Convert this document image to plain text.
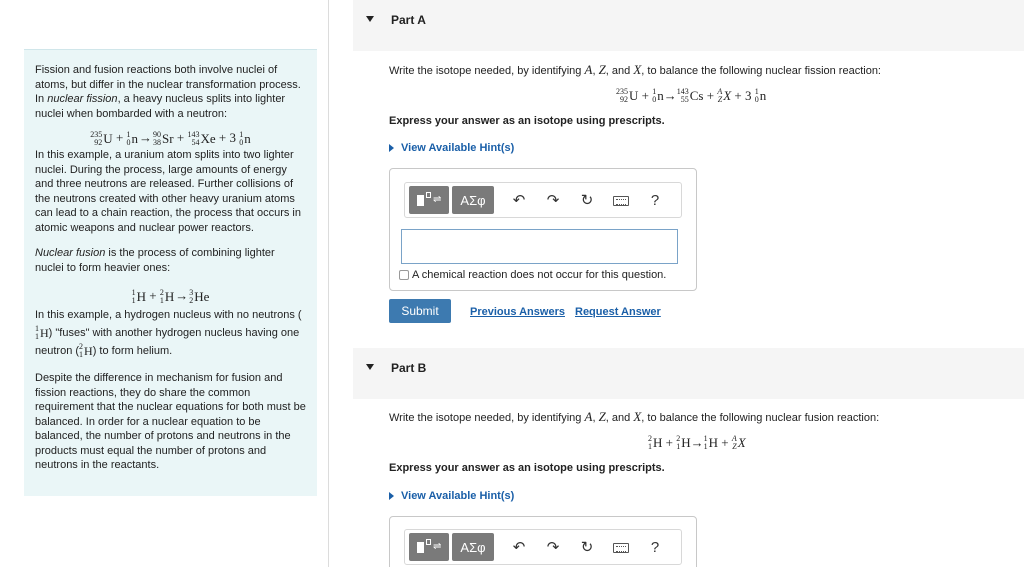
Fission and fusion reactions both involve nuclei of atoms, but differ in the nuclear transformation process. In nuclear fission, a heavy nucleus splits into lighter nuclei when bombarded with a neutron:

235
92 U + 1
0 n→ 90
38 Sr + 143
54 Xe + 3 1
0 n

In this example, a uranium atom splits into two lighter nuclei. During the process, large amounts of energy and three neutrons are released. Further collisions of the neutrons created with other heavy uranium atoms can lead to a chain reaction, the process that occurs in atomic weapons and nuclear power reactors.

Nuclear fusion is the process of combining lighter nuclei to form heavier ones:

1
1 H + 2
1 H→ 3
2 He

In this example, a hydrogen nucleus with no neutrons (
1
1 H) "fuses" with another hydrogen nucleus having one neutron ( 2
1 H) to form helium.

Despite the difference in mechanism for fusion and fission reactions, they do share the common requirement that the nuclear equations for both must be balanced. In order for a nuclear equation to be balanced, the number of protons and neutrons in the products must equal the number of protons and neutrons in the reactants.

Part A
Write the isotope needed, by identifying A, Z, and X, to balance the following nuclear fission reaction:
235
92 U + 1
0 n → 143
55 Cs + A
Z X + 3
1
0 n
Express your answer as an isotope using prescripts.
View Available Hint(s)
⇌	ΑΣφ	↶	↷	↻	?
A chemical reaction does not occur for this question.
Submit	Previous Answers Request Answer
Part B
Write the isotope needed, by identifying A, Z, and X, to balance the following nuclear fusion reaction:
2
1 H + 2
1 H → 1
1 H + A
Z X
Express your answer as an isotope using prescripts.
View Available Hint(s)
⇌	ΑΣφ	↶	↷	↻	?
